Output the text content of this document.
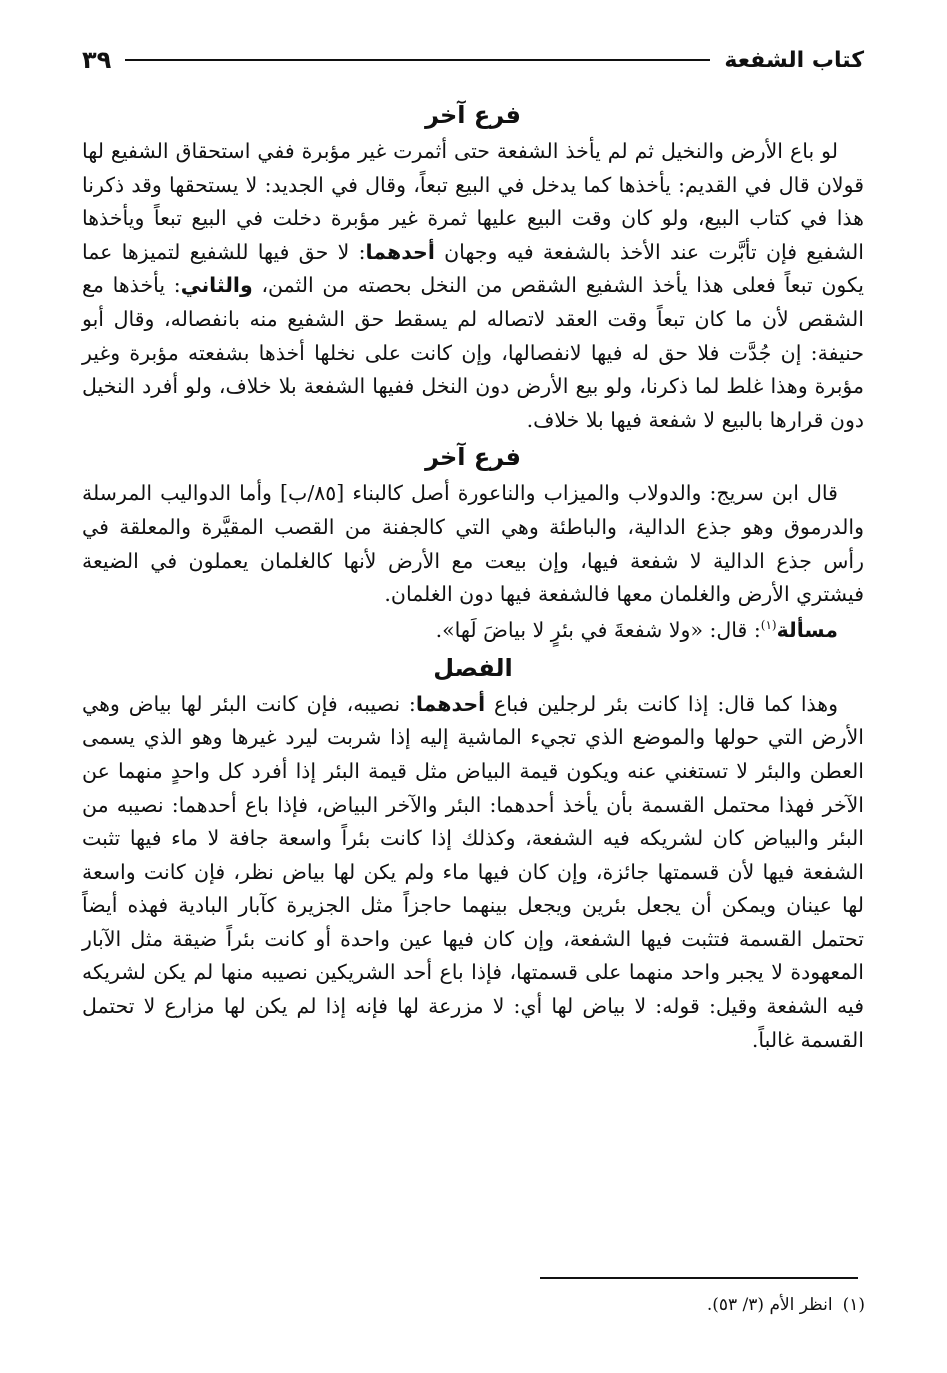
كتاب الشفعة
٣٩
فرع آخر

لو باع الأرض والنخيل ثم لم يأخذ الشفعة حتى أثمرت غير مؤبرة ففي استحقاق الشفيع لها قولان قال في القديم: يأخذها كما يدخل في البيع تبعاً، وقال في الجديد: لا يستحقها وقد ذكرنا هذا في كتاب البيع، ولو كان وقت البيع عليها ثمرة غير مؤبرة دخلت في البيع تبعاً ويأخذها الشفيع فإن تأبَّرت عند الأخذ بالشفعة فيه وجهان أحدهما: لا حق فيها للشفيع لتميزها عما يكون تبعاً فعلى هذا يأخذ الشفيع الشقص من النخل بحصته من الثمن، والثاني: يأخذها مع الشقص لأن ما كان تبعاً وقت العقد لاتصاله لم يسقط حق الشفيع منه بانفصاله، وقال أبو حنيفة: إن جُدَّت فلا حق له فيها لانفصالها، وإن كانت على نخلها أخذها بشفعته مؤبرة وغير مؤبرة وهذا غلط لما ذكرنا، ولو بيع الأرض دون النخل ففيها الشفعة بلا خلاف، ولو أفرد النخيل دون قرارها بالبيع لا شفعة فيها بلا خلاف.

فرع آخر

قال ابن سريج: والدولاب والميزاب والناعورة أصل كالبناء [٨٥/ب] وأما الدواليب المرسلة والدرموق وهو جذع الدالية، والباطئة وهي التي كالجفنة من القصب المقيَّرة والمعلقة في رأس جذع الدالية لا شفعة فيها، وإن بيعت مع الأرض لأنها كالغلمان يعملون في الضيعة فيشتري الأرض والغلمان معها فالشفعة فيها دون الغلمان.

مسألة$^{(١)}$: قال: «ولا شفعةَ في بئرٍ لا بياضَ لَها».

الفصل

وهذا كما قال: إذا كانت بئر لرجلين فباع أحدهما: نصيبه، فإن كانت البئر لها بياض وهي الأرض التي حولها والموضع الذي تجيء الماشية إليه إذا شربت ليرد غيرها وهو الذي يسمى العطن والبئر لا تستغني عنه ويكون قيمة البياض مثل قيمة البئر إذا أفرد كل واحدٍ منهما عن الآخر فهذا محتمل القسمة بأن يأخذ أحدهما: البئر والآخر البياض، فإذا باع أحدهما: نصيبه من البئر والبياض كان لشريكه فيه الشفعة، وكذلك إذا كانت بئراً واسعة جافة لا ماء فيها تثبت الشفعة فيها لأن قسمتها جائزة، وإن كان فيها ماء ولم يكن لها بياض نظر، فإن كانت واسعة لها عينان ويمكن أن يجعل بئرين ويجعل بينهما حاجزاً مثل الجزيرة كآبار البادية فهذه أيضاً تحتمل القسمة فتثبت فيها الشفعة، وإن كان فيها عين واحدة أو كانت بئراً ضيقة مثل الآبار المعهودة لا يجبر واحد منهما على قسمتها، فإذا باع أحد الشريكين نصيبه منها لم يكن لشريكه فيه الشفعة وقيل: قوله: لا بياض لها أي: لا مزرعة لها فإنه إذا لم يكن لها مزارع لا تحتمل القسمة غالباً.

(١)انظر الأم (٣/ ٥٣).
